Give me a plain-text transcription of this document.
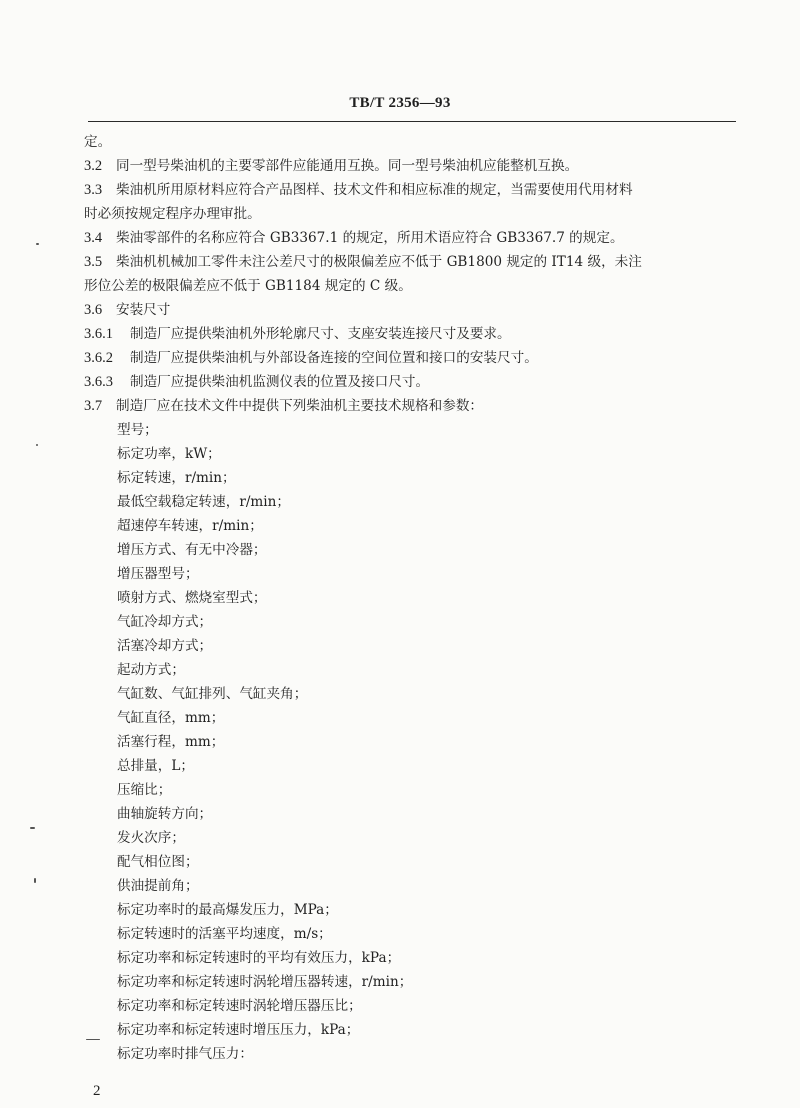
TB/T 2356—93
定。
3.2 同一型号柴油机的主要零部件应能通用互换。同一型号柴油机应能整机互换。
3.3 柴油机所用原材料应符合产品图样、技术文件和相应标准的规定，当需要使用代用材料
时必须按规定程序办理审批。
3.4 柴油零部件的名称应符合 GB3367.1 的规定，所用术语应符合 GB3367.7 的规定。
3.5 柴油机机械加工零件未注公差尺寸的极限偏差应不低于 GB1800 规定的 IT14 级，未注
形位公差的极限偏差应不低于 GB1184 规定的 C 级。
3.6 安装尺寸
3.6.1 制造厂应提供柴油机外形轮廓尺寸、支座安装连接尺寸及要求。
3.6.2 制造厂应提供柴油机与外部设备连接的空间位置和接口的安装尺寸。
3.6.3 制造厂应提供柴油机监测仪表的位置及接口尺寸。
3.7 制造厂应在技术文件中提供下列柴油机主要技术规格和参数：
型号；
标定功率，kW；
标定转速，r/min；
最低空载稳定转速，r/min；
超速停车转速，r/min；
增压方式、有无中冷器；
增压器型号；
喷射方式、燃烧室型式；
气缸冷却方式；
活塞冷却方式；
起动方式；
气缸数、气缸排列、气缸夹角；
气缸直径，mm；
活塞行程，mm；
总排量，L；
压缩比；
曲轴旋转方向；
发火次序；
配气相位图；
供油提前角；
标定功率时的最高爆发压力，MPa；
标定转速时的活塞平均速度，m/s；
标定功率和标定转速时的平均有效压力，kPa；
标定功率和标定转速时涡轮增压器转速，r/min；
标定功率和标定转速时涡轮增压器压比；
标定功率和标定转速时增压压力，kPa；
标定功率时排气压力：
2
